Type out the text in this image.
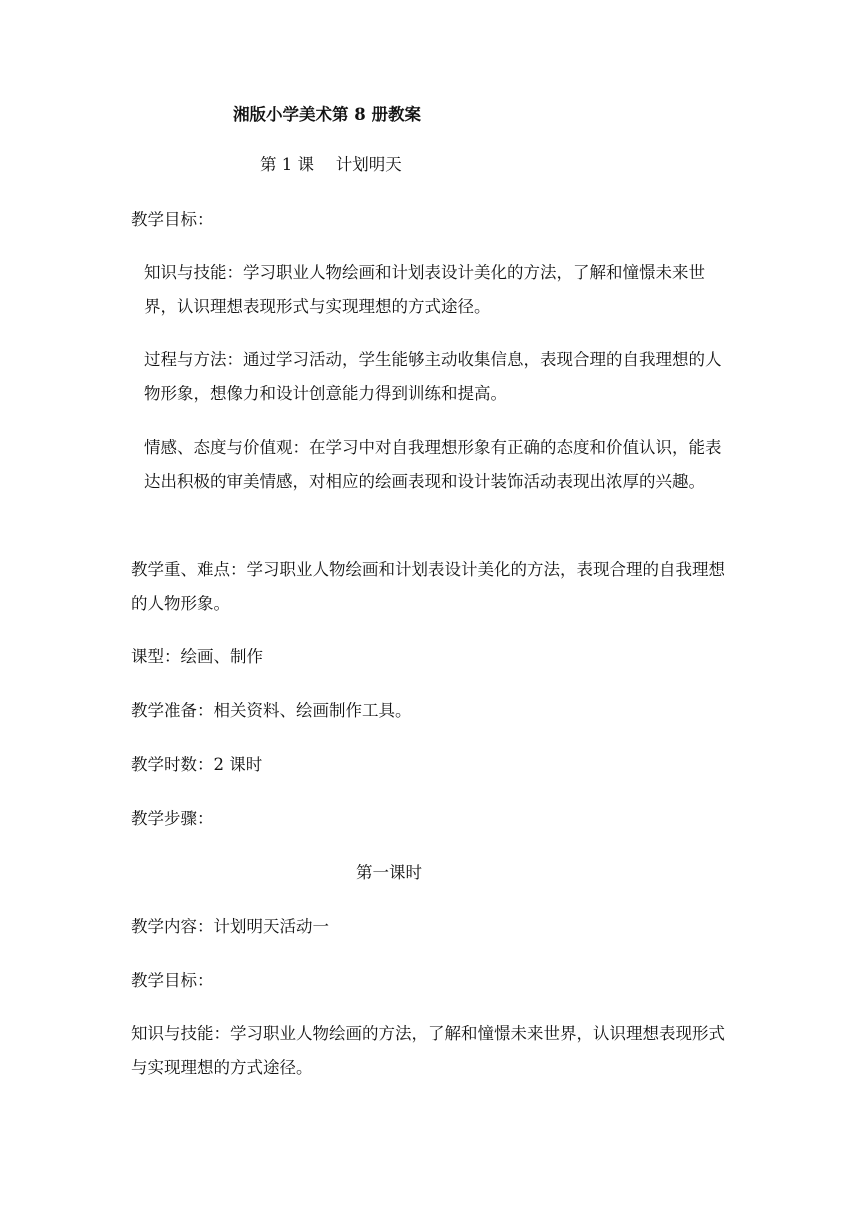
湘版小学美术第 8 册教案
第 1 课　 计划明天
教学目标：
知识与技能：学习职业人物绘画和计划表设计美化的方法，了解和憧憬未来世界，认识理想表现形式与实现理想的方式途径。
过程与方法：通过学习活动，学生能够主动收集信息，表现合理的自我理想的人物形象，想像力和设计创意能力得到训练和提高。
情感、态度与价值观：在学习中对自我理想形象有正确的态度和价值认识，能表达出积极的审美情感，对相应的绘画表现和设计装饰活动表现出浓厚的兴趣。
教学重、难点：学习职业人物绘画和计划表设计美化的方法，表现合理的自我理想的人物形象。
课型：绘画、制作
教学准备：相关资料、绘画制作工具。
教学时数：2 课时
教学步骤：
第一课时
教学内容：计划明天活动一
教学目标：
知识与技能：学习职业人物绘画的方法，了解和憧憬未来世界，认识理想表现形式与实现理想的方式途径。
